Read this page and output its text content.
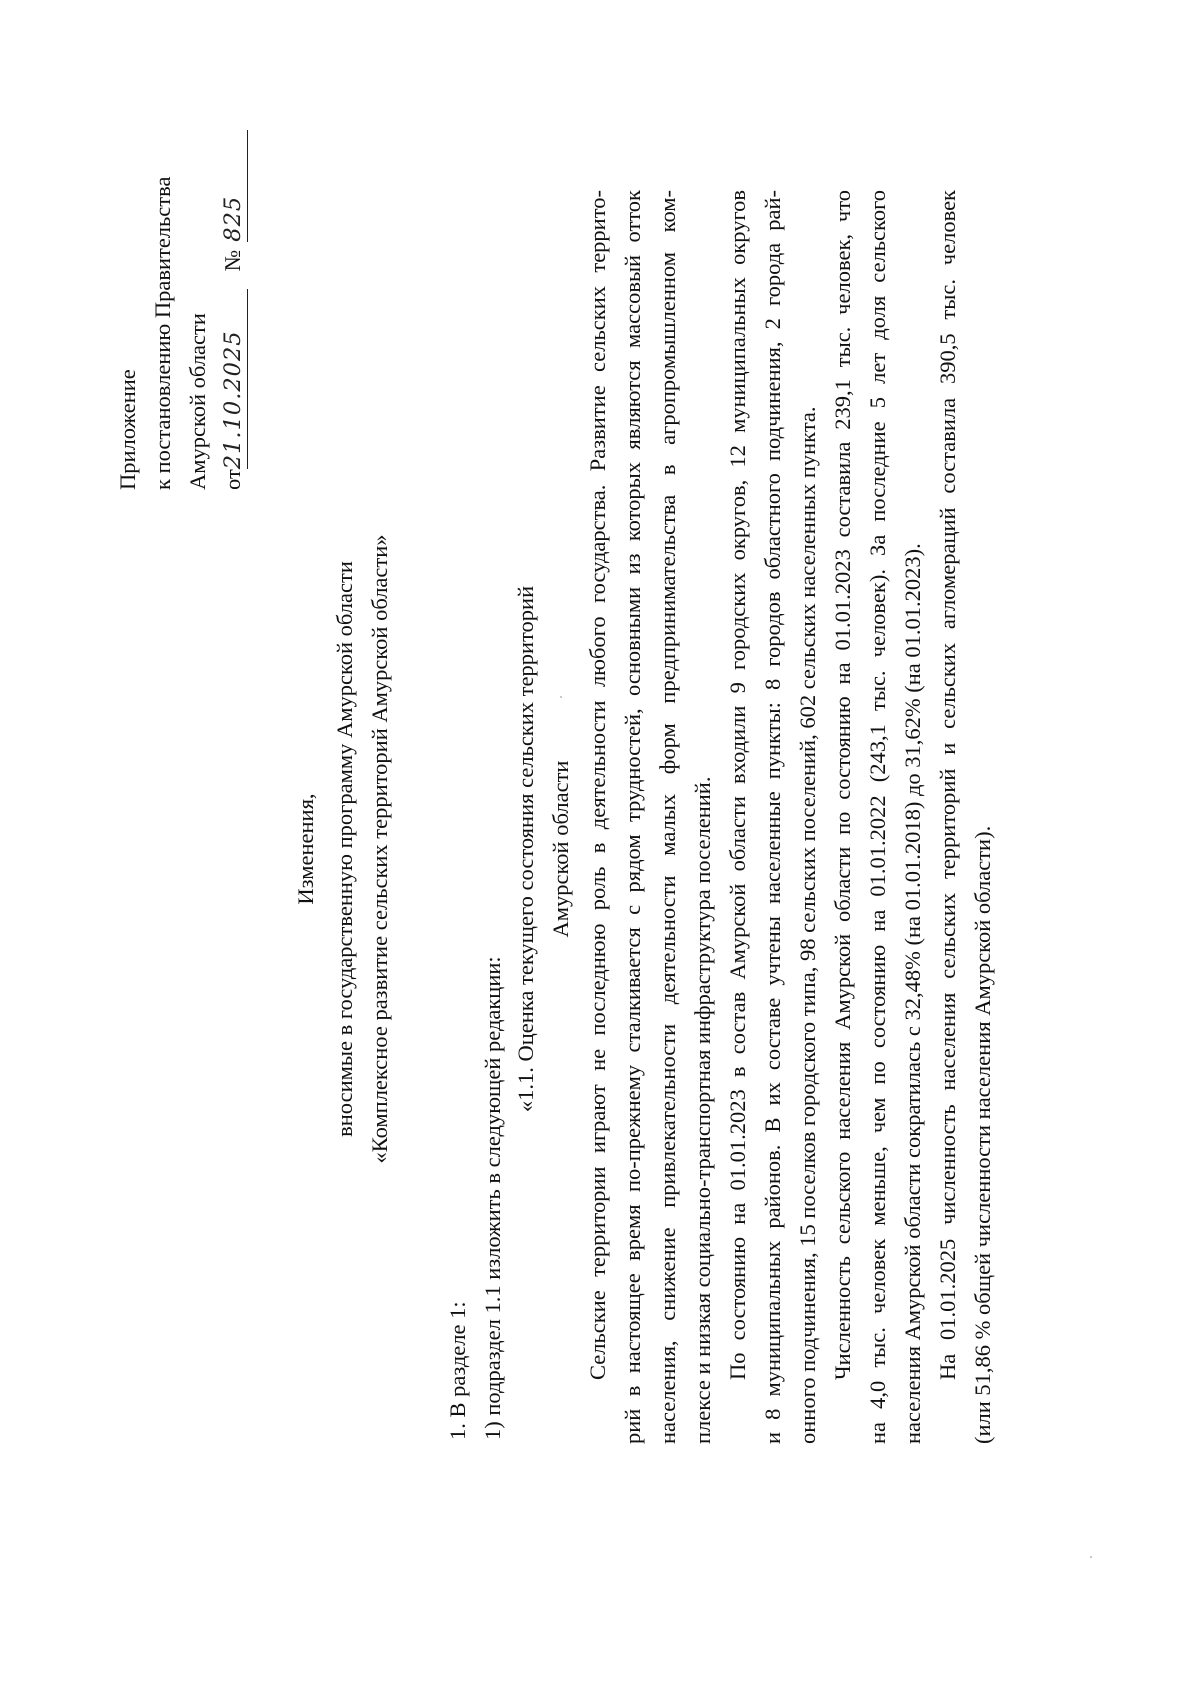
Приложение к постановлению Правительства Амурской области от21.10.2025№825
Изменения, вносимые в государственную программу Амурской области «Комплексное развитие сельских территорий Амурской области»
1. В разделе 1: 1) подраздел 1.1 изложить в следующей редакции:
«1.1. Оценка текущего состояния сельских территорий Амурской области Сельские территории играют не последнюю роль в деятельности любого государства. Развитие сельских террито- рий в настоящее время по-прежнему сталкивается с рядом трудностей, основными из которых являются массовый отток населения, снижение привлекательности деятельности малых форм предпринимательства в агропромышленном ком- плексе и низкая социально-транспортная инфраструктура поселений. По состоянию на 01.01.2023 в состав Амурской области входили 9 городских округов, 12 муниципальных округов и 8 муниципальных районов. В их составе учтены населенные пункты: 8 городов областного подчинения, 2 города рай- онного подчинения, 15 поселков городского типа, 98 сельских поселений, 602 сельских населенных пункта. Численность сельского населения Амурской области по состоянию на 01.01.2023 составила 239,1 тыс. человек, что на 4,0 тыс. человек меньше, чем по состоянию на 01.01.2022 (243,1 тыс. человек). За последние 5 лет доля сельского населения Амурской области сократилась с 32,48% (на 01.01.2018) до 31,62% (на 01.01.2023). На 01.01.2025 численность населения сельских территорий и сельских агломераций составила 390,5 тыс. человек (или 51,86 % общей численности населения Амурской области).
